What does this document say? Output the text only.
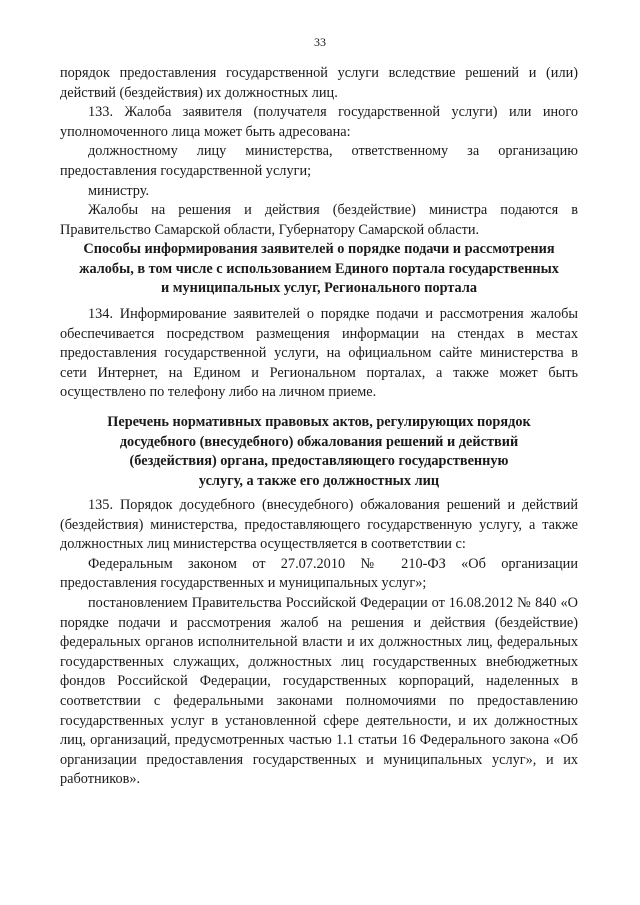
33

порядок предоставления государственной услуги вследствие решений и (или) действий (бездействия) их должностных лиц.

133. Жалоба заявителя (получателя государственной услуги) или иного уполномоченного лица может быть адресована:

должностному лицу министерства, ответственному за организацию предоставления государственной услуги;

министру.

Жалобы на решения и действия (бездействие) министра подаются в Правительство Самарской области, Губернатору Самарской области.

Способы информирования заявителей о порядке подачи и рассмотрения
жалобы, в том числе с использованием Единого портала государственных
и муниципальных услуг, Регионального портала

134. Информирование заявителей о порядке подачи и рассмотрения жалобы обеспечивается посредством размещения информации на стендах в местах предоставления государственной услуги, на официальном сайте министерства в сети Интернет, на Едином и Региональном порталах, а также может быть осуществлено по телефону либо на личном приеме.

Перечень нормативных правовых актов, регулирующих порядок
досудебного (внесудебного) обжалования решений и действий
(бездействия) органа, предоставляющего государственную
услугу, а также его должностных лиц

135. Порядок досудебного (внесудебного) обжалования решений и действий (бездействия) министерства, предоставляющего государственную услугу, а также должностных лиц министерства осуществляется в соответствии с:

Федеральным законом от 27.07.2010 № 210-ФЗ «Об организации предоставления государственных и муниципальных услуг»;

постановлением Правительства Российской Федерации от 16.08.2012 № 840 «О порядке подачи и рассмотрения жалоб на решения и действия (бездействие) федеральных органов исполнительной власти и их должностных лиц, федеральных государственных служащих, должностных лиц государственных внебюджетных фондов Российской Федерации, государственных корпораций, наделенных в соответствии с федеральными законами полномочиями по предоставлению государственных услуг в установленной сфере деятельности, и их должностных лиц, организаций, предусмотренных частью 1.1 статьи 16 Федерального закона «Об организации предоставления государственных и муниципальных услуг», и их работников».
